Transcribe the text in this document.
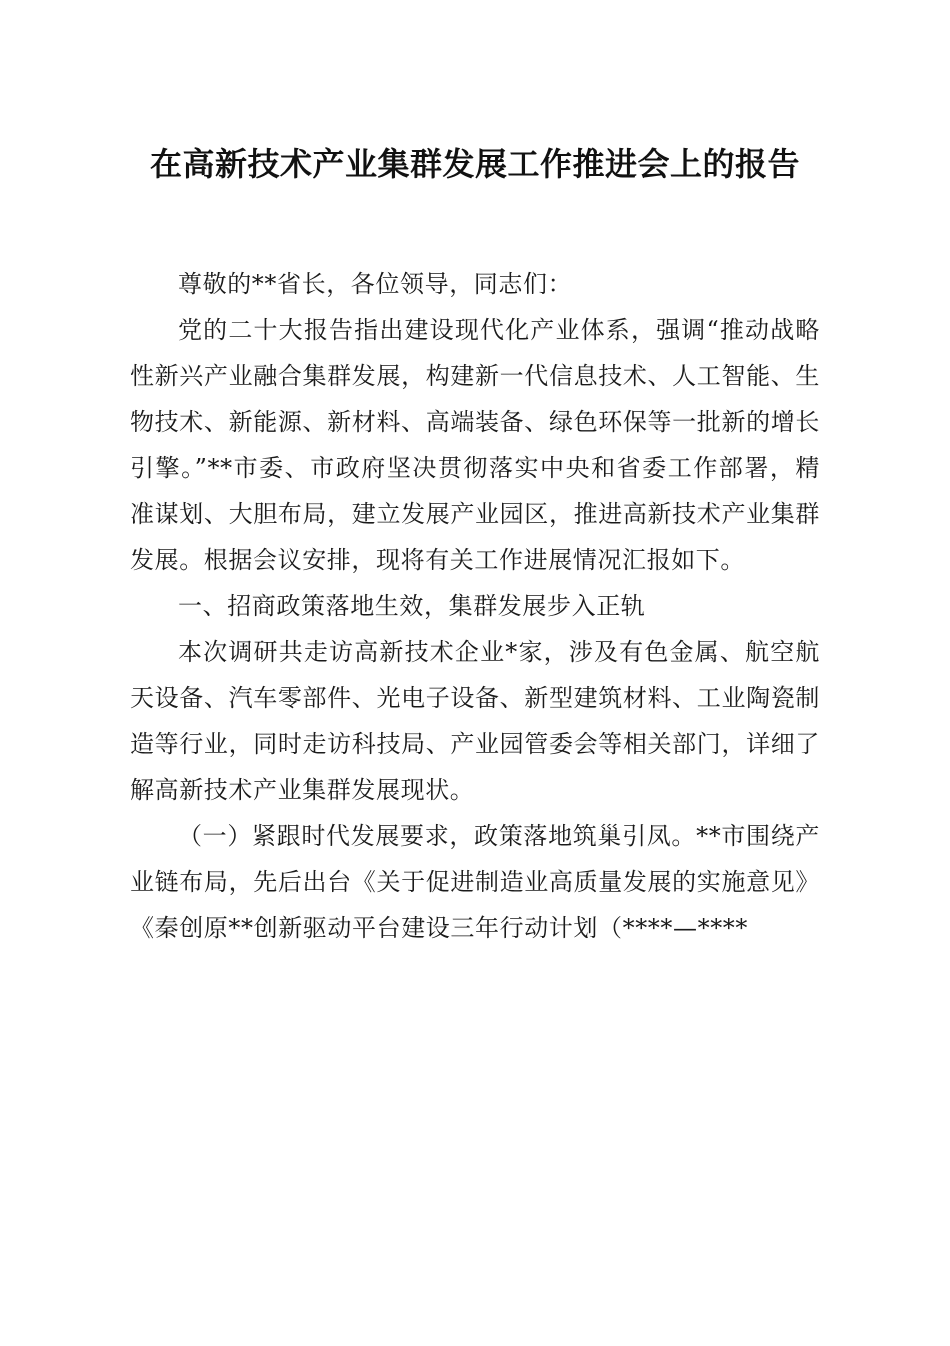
在高新技术产业集群发展工作推进会上的报告

尊敬的**省长，各位领导，同志们：

党的二十大报告指出建设现代化产业体系，强调“推动战略性新兴产业融合集群发展，构建新一代信息技术、人工智能、生物技术、新能源、新材料、高端装备、绿色环保等一批新的增长引擎。”**市委、市政府坚决贯彻落实中央和省委工作部署，精准谋划、大胆布局，建立发展产业园区，推进高新技术产业集群发展。根据会议安排，现将有关工作进展情况汇报如下。

一、招商政策落地生效，集群发展步入正轨

本次调研共走访高新技术企业*家，涉及有色金属、航空航天设备、汽车零部件、光电子设备、新型建筑材料、工业陶瓷制造等行业，同时走访科技局、产业园管委会等相关部门，详细了解高新技术产业集群发展现状。

（一）紧跟时代发展要求，政策落地筑巢引凤。**市围绕产业链布局，先后出台《关于促进制造业高质量发展的实施意见》《秦创原**创新驱动平台建设三年行动计划（****—****
